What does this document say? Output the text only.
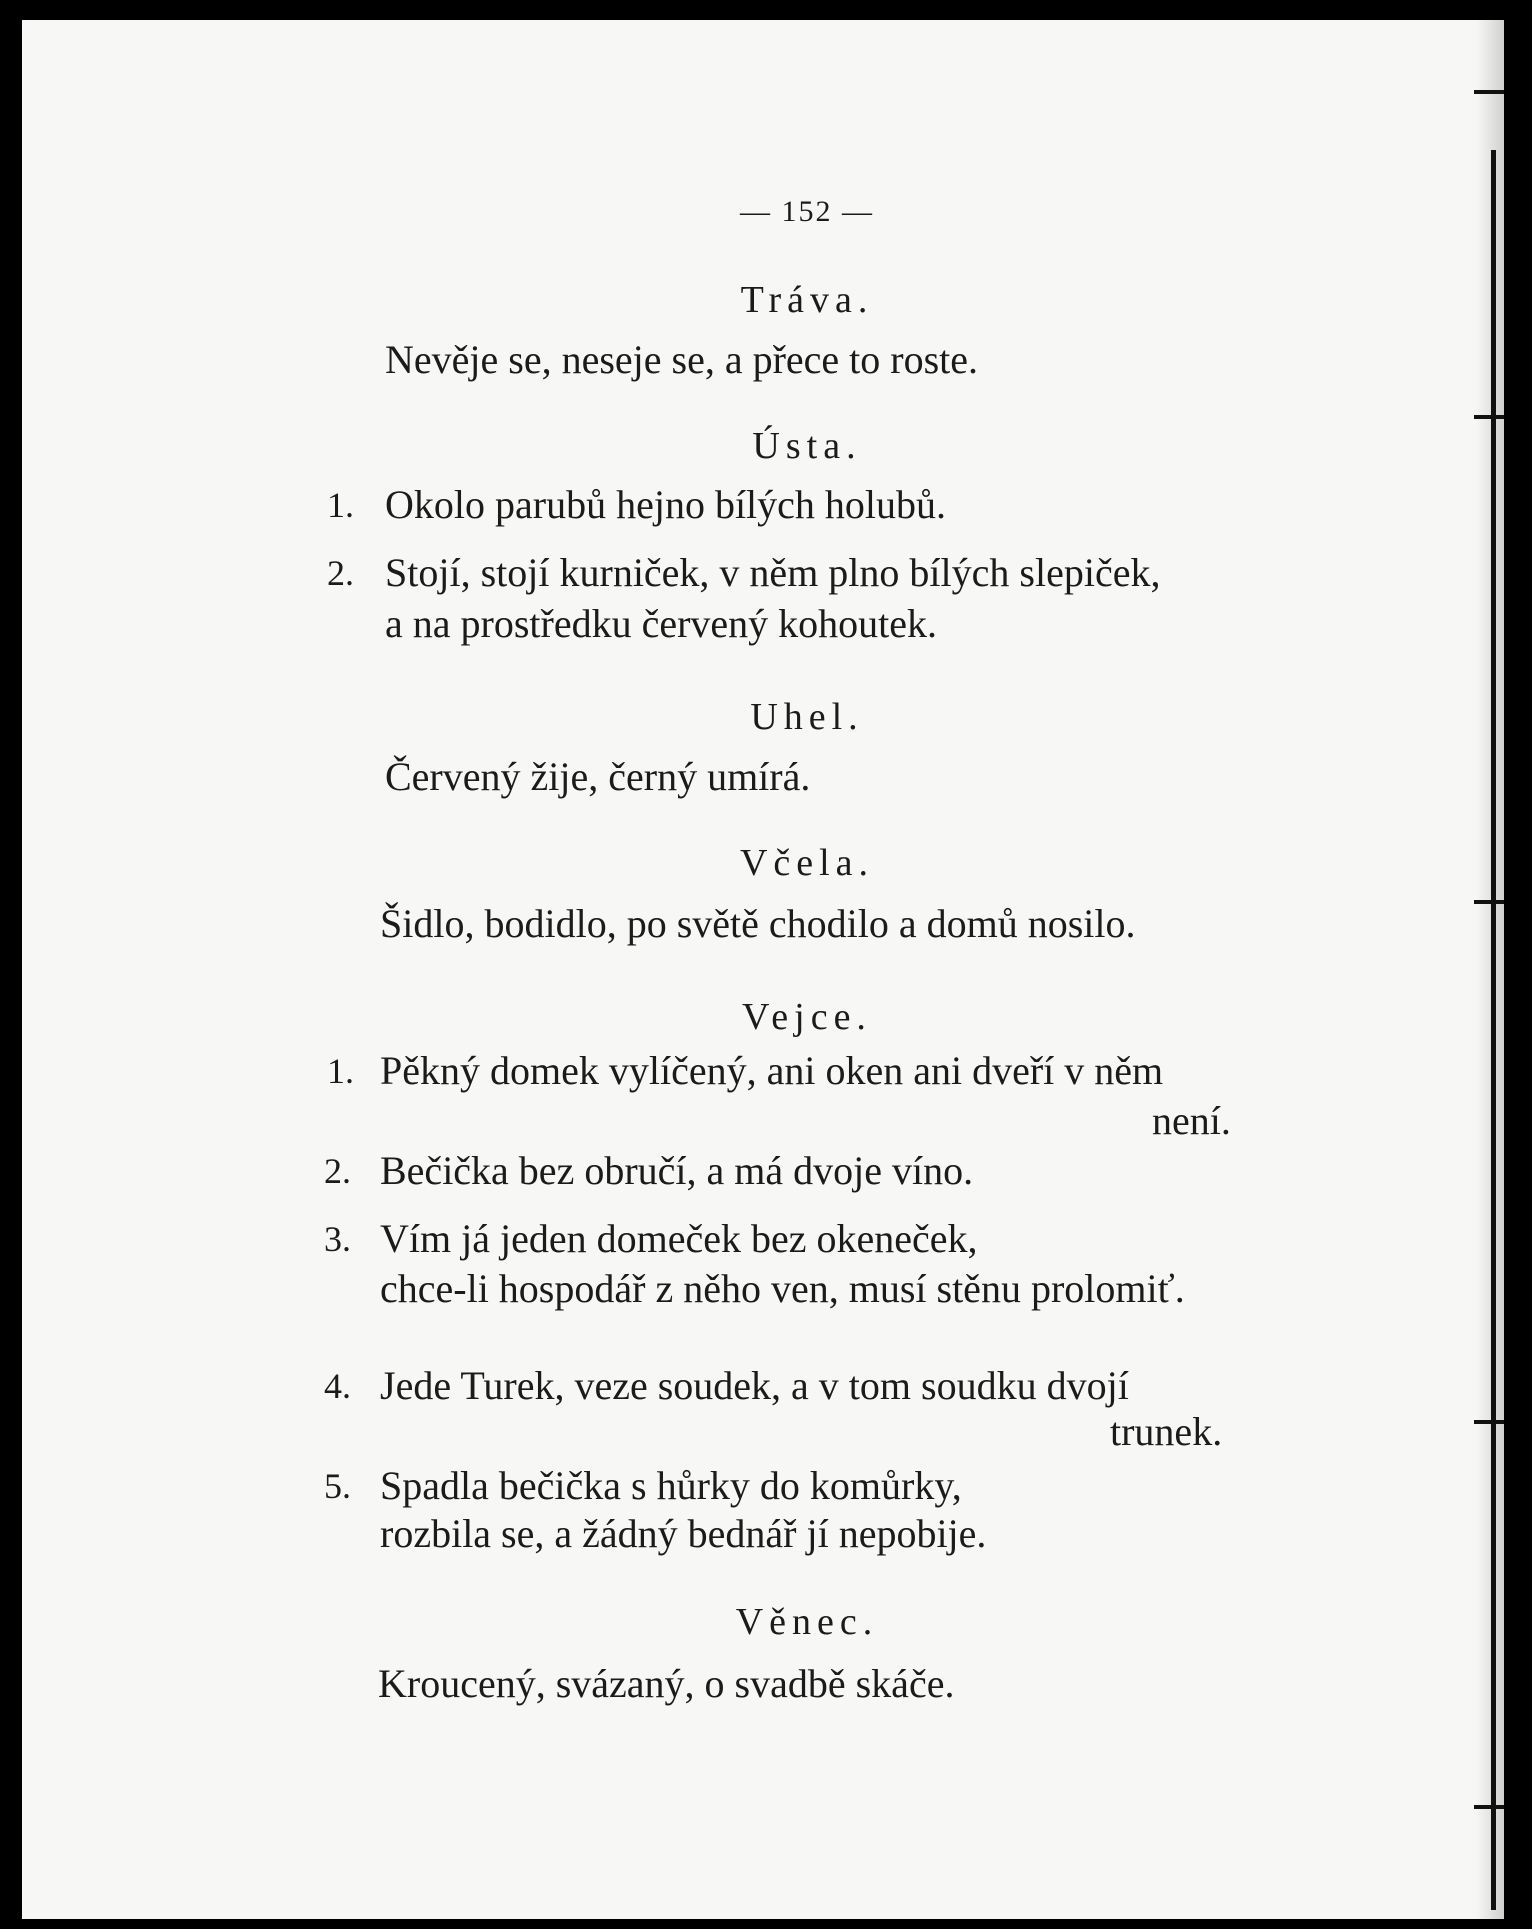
— 152 —
Tráva.
Nevěje se, neseje se, a přece to roste.
Ústa.
1. Okolo parubů hejno bílých holubů.
2. Stojí, stojí kurniček, v něm plno bílých slepiček,
a na prostředku červený kohoutek.
Uhel.
Červený žije, černý umírá.
Včela.
Šidlo, bodidlo, po světě chodilo a domů nosilo.
Vejce.
1. Pěkný domek vylíčený, ani oken ani dveří v něm
není.
2. Bečička bez obručí, a má dvoje víno.
3. Vím já jeden domeček bez okeneček,
chce-li hospodář z něho ven, musí stěnu prolomiť.
4. Jede Turek, veze soudek, a v tom soudku dvojí
trunek.
5. Spadla bečička s hůrky do komůrky,
rozbila se, a žádný bednář jí nepobije.
Věnec.
Kroucený, svázaný, o svadbě skáče.
